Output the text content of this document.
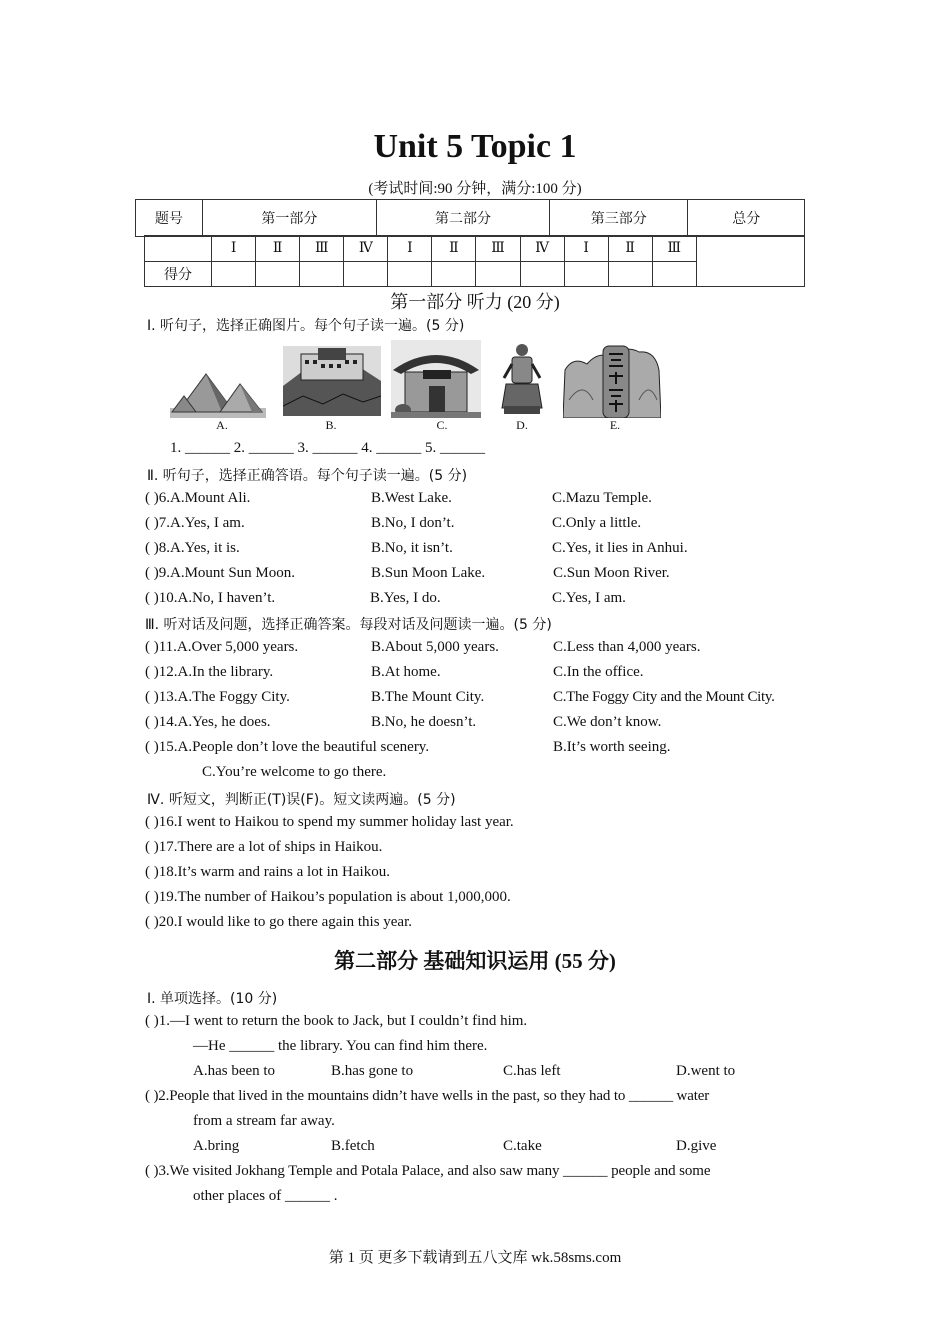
Unit 5 Topic 1
(考试时间:90 分钟，满分:100 分)
题号	第一部分	第二部分	第三部分	总分
	Ⅰ	Ⅱ	Ⅲ	Ⅳ	Ⅰ	Ⅱ	Ⅲ	Ⅳ	Ⅰ	Ⅱ	Ⅲ	
得分												
第一部分 听力 (20 分)
Ⅰ. 听句子，选择正确图片。每个句子读一遍。(5 分)
A.	B.	C.	D.	E.
1. ______ 2. ______ 3. ______ 4. ______ 5. ______
Ⅱ. 听句子，选择正确答语。每个句子读一遍。(5 分)
( )6.A.Mount Ali.	B.West Lake.	C.Mazu Temple.
( )7.A.Yes, I am.	B.No, I don’t.	C.Only a little.
( )8.A.Yes, it is.	B.No, it isn’t.	C.Yes, it lies in Anhui.
( )9.A.Mount Sun Moon.	B.Sun Moon Lake.	C.Sun Moon River.
( )10.A.No, I haven’t.	B.Yes, I do.	C.Yes, I am.
Ⅲ. 听对话及问题，选择正确答案。每段对话及问题读一遍。(5 分)
( )11.A.Over 5,000 years.	B.About 5,000 years.	C.Less than 4,000 years.
( )12.A.In the library.	B.At home.	C.In the office.
( )13.A.The Foggy City.	B.The Mount City.	C.The Foggy City and the Mount City.
( )14.A.Yes, he does.	B.No, he doesn’t.	C.We don’t know.
( )15.A.People don’t love the beautiful scenery.	B.It’s worth seeing.
C.You’re welcome to go there.
Ⅳ. 听短文，判断正(T)误(F)。短文读两遍。(5 分)
( )16.I went to Haikou to spend my summer holiday last year.
( )17.There are a lot of ships in Haikou.
( )18.It’s warm and rains a lot in Haikou.
( )19.The number of Haikou’s population is about 1,000,000.
( )20.I would like to go there again this year.
第二部分 基础知识运用 (55 分)
Ⅰ. 单项选择。(10 分)
( )1.—I went to return the book to Jack, but I couldn’t find him.
—He ______ the library. You can find him there.
A.has been to	B.has gone to	C.has left	D.went to
( )2.People that lived in the mountains didn’t have wells in the past, so they had to ______ water
from a stream far away.
A.bring	B.fetch	C.take	D.give
( )3.We visited Jokhang Temple and Potala Palace, and also saw many ______ people and some
other places of ______ .
第 1 页 更多下载请到五八文库 wk.58sms.com
